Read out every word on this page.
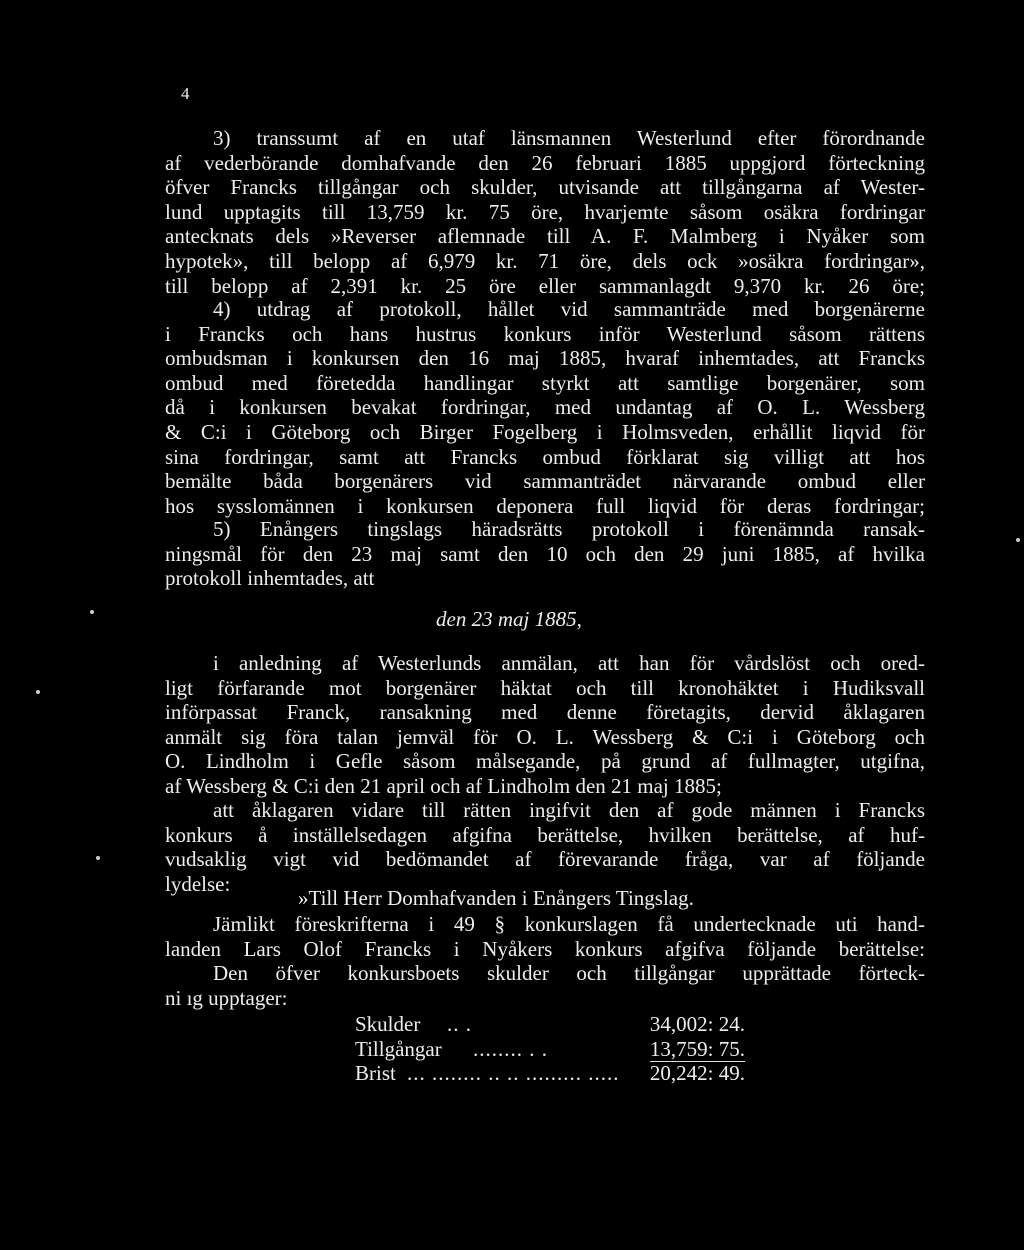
4
3) transsumt af en utaf länsmannen Westerlund efter förordnande
af vederbörande domhafvande den 26 februari 1885 uppgjord förteckning
öfver Francks tillgångar och skulder, utvisande att tillgångarna af Wester-
lund upptagits till 13,759 kr. 75 öre, hvarjemte såsom osäkra fordringar
antecknats dels »Reverser aflemnade till A. F. Malmberg i Nyåker som
hypotek», till belopp af 6,979 kr. 71 öre, dels ock »osäkra fordringar»,
till belopp af 2,391 kr. 25 öre eller sammanlagdt 9,370 kr. 26 öre;
4) utdrag af protokoll, hållet vid sammanträde med borgenärerne
i Francks och hans hustrus konkurs inför Westerlund såsom rättens
ombudsman i konkursen den 16 maj 1885, hvaraf inhemtades, att Francks
ombud med företedda handlingar styrkt att samtlige borgenärer, som
då i konkursen bevakat fordringar, med undantag af O. L. Wessberg
& C:i i Göteborg och Birger Fogelberg i Holmsveden, erhållit liqvid för
sina fordringar, samt att Francks ombud förklarat sig villigt att hos
bemälte båda borgenärers vid sammanträdet närvarande ombud eller
hos sysslomännen i konkursen deponera full liqvid för deras fordringar;
5) Enångers tingslags häradsrätts protokoll i förenämnda ransak-
ningsmål för den 23 maj samt den 10 och den 29 juni 1885, af hvilka
protokoll inhemtades, att
den 23 maj 1885,
i anledning af Westerlunds anmälan, att han för vårdslöst och ored-
ligt förfarande mot borgenärer häktat och till kronohäktet i Hudiksvall
införpassat Franck, ransakning med denne företagits, dervid åklagaren
anmält sig föra talan jemväl för O. L. Wessberg & C:i i Göteborg och
O. Lindholm i Gefle såsom målsegande, på grund af fullmagter, utgifna,
af Wessberg & C:i den 21 april och af Lindholm den 21 maj 1885;
att åklagaren vidare till rätten ingifvit den af gode männen i Francks
konkurs å inställelsedagen afgifna berättelse, hvilken berättelse, af huf-
vudsaklig vigt vid bedömandet af förevarande fråga, var af följande
lydelse:
»Till Herr Domhafvanden i Enångers Tingslag.
Jämlikt föreskrifterna i 49 § konkurslagen få undertecknade uti hand-
landen Lars Olof Francks i Nyåkers konkurs afgifva följande berättelse:
Den öfver konkursboets skulder och tillgångar upprättade förteck-
ni ıg upptager:
Skulder .. .	34,002: 24.
Tillgångar ........ . .	13,759: 75.
Brist ... ........ .. .. ......... ..... 20,242: 49.
